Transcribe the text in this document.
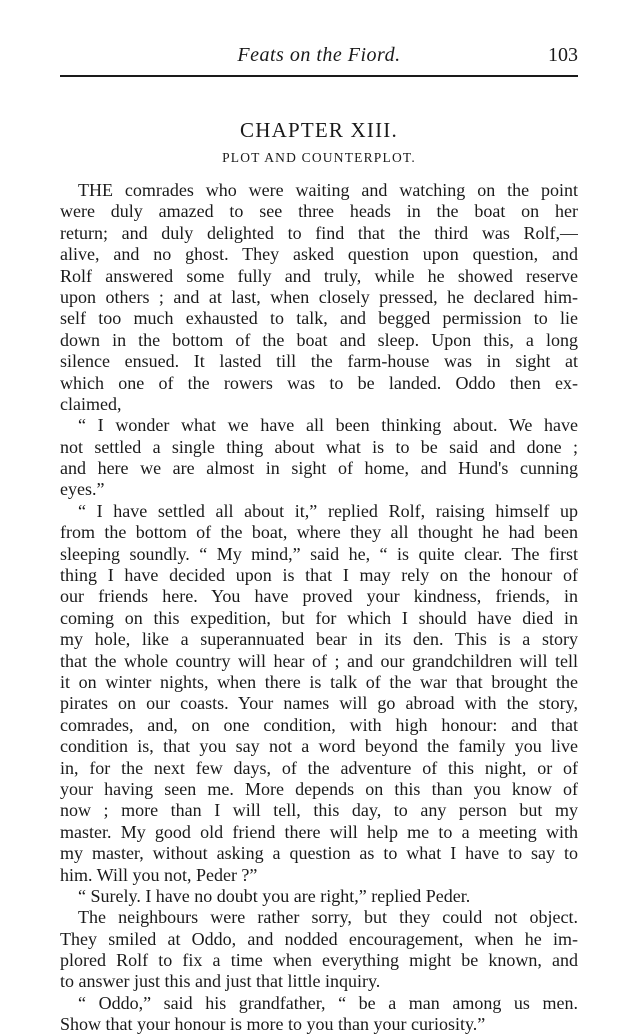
Feats on the Fiord.	103
CHAPTER XIII.
PLOT AND COUNTERPLOT.
THE comrades who were waiting and watching on the point
were duly amazed to see three heads in the boat on her
return; and duly delighted to find that the third was Rolf,—
alive, and no ghost. They asked question upon question, and
Rolf answered some fully and truly, while he showed reserve
upon others ; and at last, when closely pressed, he declared him-
self too much exhausted to talk, and begged permission to lie
down in the bottom of the boat and sleep. Upon this, a long
silence ensued. It lasted till the farm-house was in sight at
which one of the rowers was to be landed. Oddo then ex-
claimed,
“ I wonder what we have all been thinking about. We have
not settled a single thing about what is to be said and done ;
and here we are almost in sight of home, and Hund's cunning
eyes.”
“ I have settled all about it,” replied Rolf, raising himself up
from the bottom of the boat, where they all thought he had been
sleeping soundly. “ My mind,” said he, “ is quite clear. The first
thing I have decided upon is that I may rely on the honour of
our friends here. You have proved your kindness, friends, in
coming on this expedition, but for which I should have died in
my hole, like a superannuated bear in its den. This is a story
that the whole country will hear of ; and our grandchildren will tell
it on winter nights, when there is talk of the war that brought the
pirates on our coasts. Your names will go abroad with the story,
comrades, and, on one condition, with high honour: and that
condition is, that you say not a word beyond the family you live
in, for the next few days, of the adventure of this night, or of
your having seen me. More depends on this than you know of
now ; more than I will tell, this day, to any person but my
master. My good old friend there will help me to a meeting with
my master, without asking a question as to what I have to say to
him. Will you not, Peder ?”
“ Surely. I have no doubt you are right,” replied Peder.
The neighbours were rather sorry, but they could not object.
They smiled at Oddo, and nodded encouragement, when he im-
plored Rolf to fix a time when everything might be known, and
to answer just this and just that little inquiry.
“ Oddo,” said his grandfather, “ be a man among us men.
Show that your honour is more to you than your curiosity.”
